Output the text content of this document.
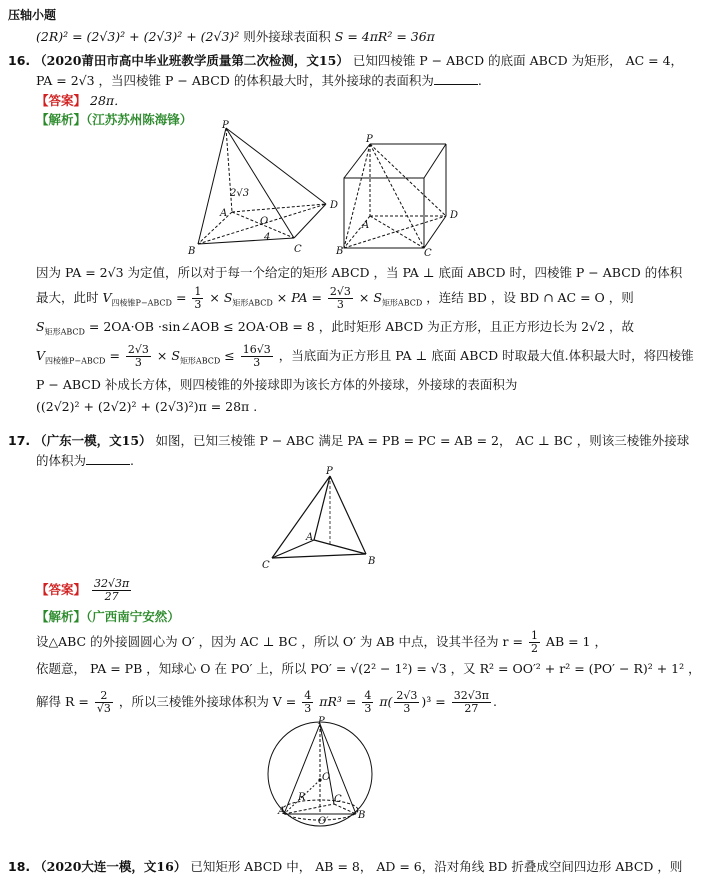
压轴小题
(2R)² = (2√3)² + (2√3)² + (2√3)² 则外接球表面积 S = 4πR² = 36π
16. （2020莆田市高中毕业班教学质量第二次检测，文15） 已知四棱锥 P − ABCD 的底面 ABCD 为矩形， AC = 4，
PA = 2√3 ，当四棱锥 P − ABCD 的体积最大时，其外接球的表面积为	.
【答案】 28π．
【解析】（江苏苏州陈海锋）	P
A
B	C
D
O
2√3
4
P
A
B	C
D
因为 PA = 2√3 为定值，所以对于每一个给定的矩形 ABCD ，当 PA ⊥ 底面 ABCD 时，四棱锥 P − ABCD 的体积
最大，此时 $V_{四棱锥P-ABCD} = \frac{1}{3} \times S_{矩形ABCD}$ × PA = $\frac{2√3}{3} \times S_{矩形ABCD}$ ，连结 BD ，设 BD ∩ AC = O ，则
$S_{矩形ABCD} = 2OA\cdot OB$ ·sin∠AOB ≤ 2OA·OB = 8 ，此时矩形 ABCD 为正方形，且正方形边长为 2√2 ，故
$V_{四棱锥P-ABCD} = \frac{2√3}{3} \times S_{矩形ABCD} \le \frac{16√3}{3}$ ，当底面为正方形且 PA ⊥ 底面 ABCD 时取最大值.体积最大时，将四棱锥
P − ABCD 补成长方体，则四棱锥的外接球即为该长方体的外接球，外接球的表面积为
((2√2)² + (2√2)² + (2√3)²)π = 28π .
17. （广东一模，文15） 如图，已知三棱锥 P − ABC 满足 PA = PB = PC = AB = 2， AC ⊥ BC ，则该三棱锥外接球
的体积为	.
P
A
B
C
【答案】 $\frac{32√3\pi}{27}$
【解析】（广西南宁安然）
设△ABC 的外接圆圆心为 O′ ，因为 AC ⊥ BC ，所以 O′ 为 AB 中点，设其半径为 $r = \frac{1}{2}$ AB = 1 ，
依题意， PA = PB ，知球心 O 在 PO′ 上，所以 PO′ = √(2² − 1²) = √3 ，又 R² = OO′² + r² = (PO′ − R)² + 1² ，
解得 $R = \frac{2}{√3}$ ，所以三棱锥外接球体积为 $V = \frac{4}{3} \pi R^3 = \frac{4}{3} \pi( \frac{2√3}{3} )^3 = \frac{32√3\pi}{27}$ .
P
O
A	B
C
R
O′
18. （2020大连一模，文16） 已知矩形 ABCD 中， AB = 8， AD = 6，沿对角线 BD 折叠成空间四边形 ABCD ，则
